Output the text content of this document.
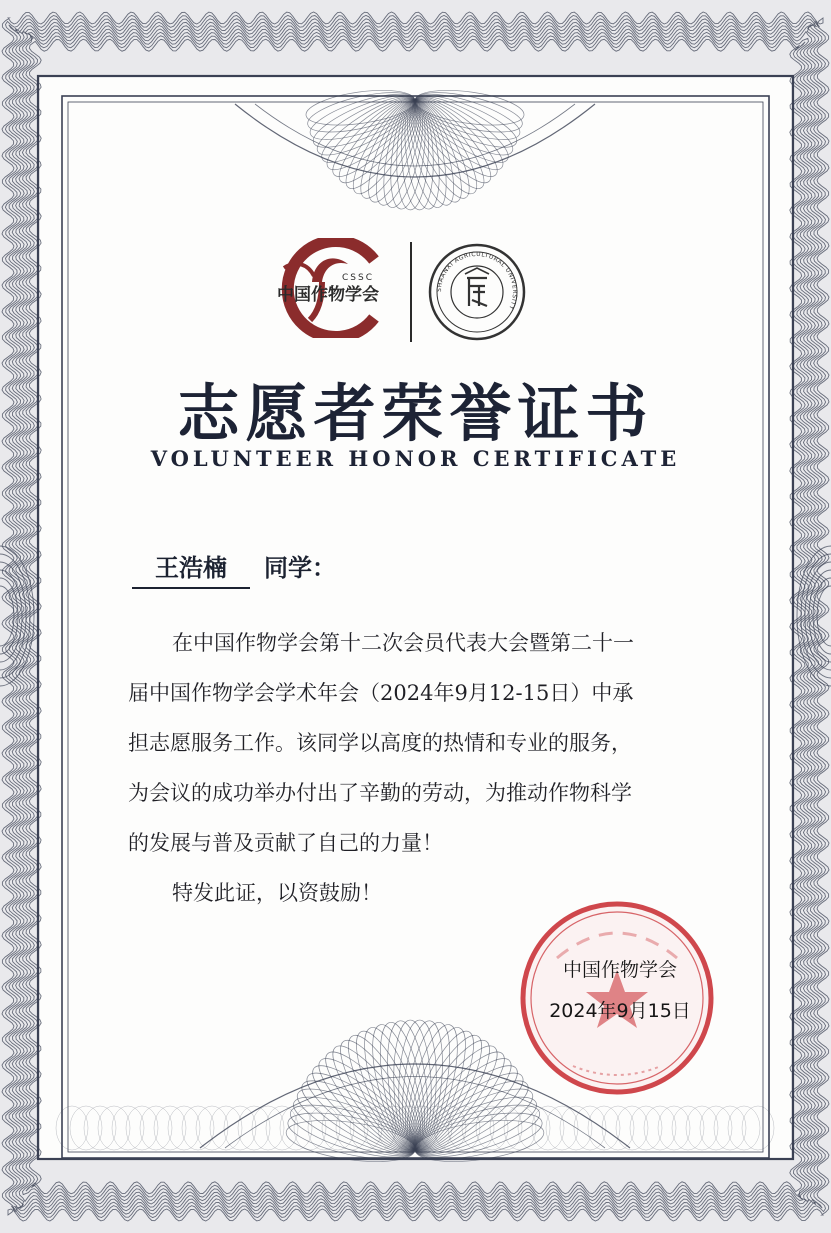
CSSC
中国作物学会	SHAANXI AGRICULTURAL UNIVERSITY
志愿者荣誉证书
VOLUNTEER HONOR CERTIFICATE
王浩楠	同学：
在中国作物学会第十二次会员代表大会暨第二十一
届中国作物学会学术年会（2024年9月12-15日）中承
担志愿服务工作。该同学以高度的热情和专业的服务，
为会议的成功举办付出了辛勤的劳动，为推动作物科学
的发展与普及贡献了自己的力量！
特发此证，以资鼓励！
中国作物学会
2024年9月15日
